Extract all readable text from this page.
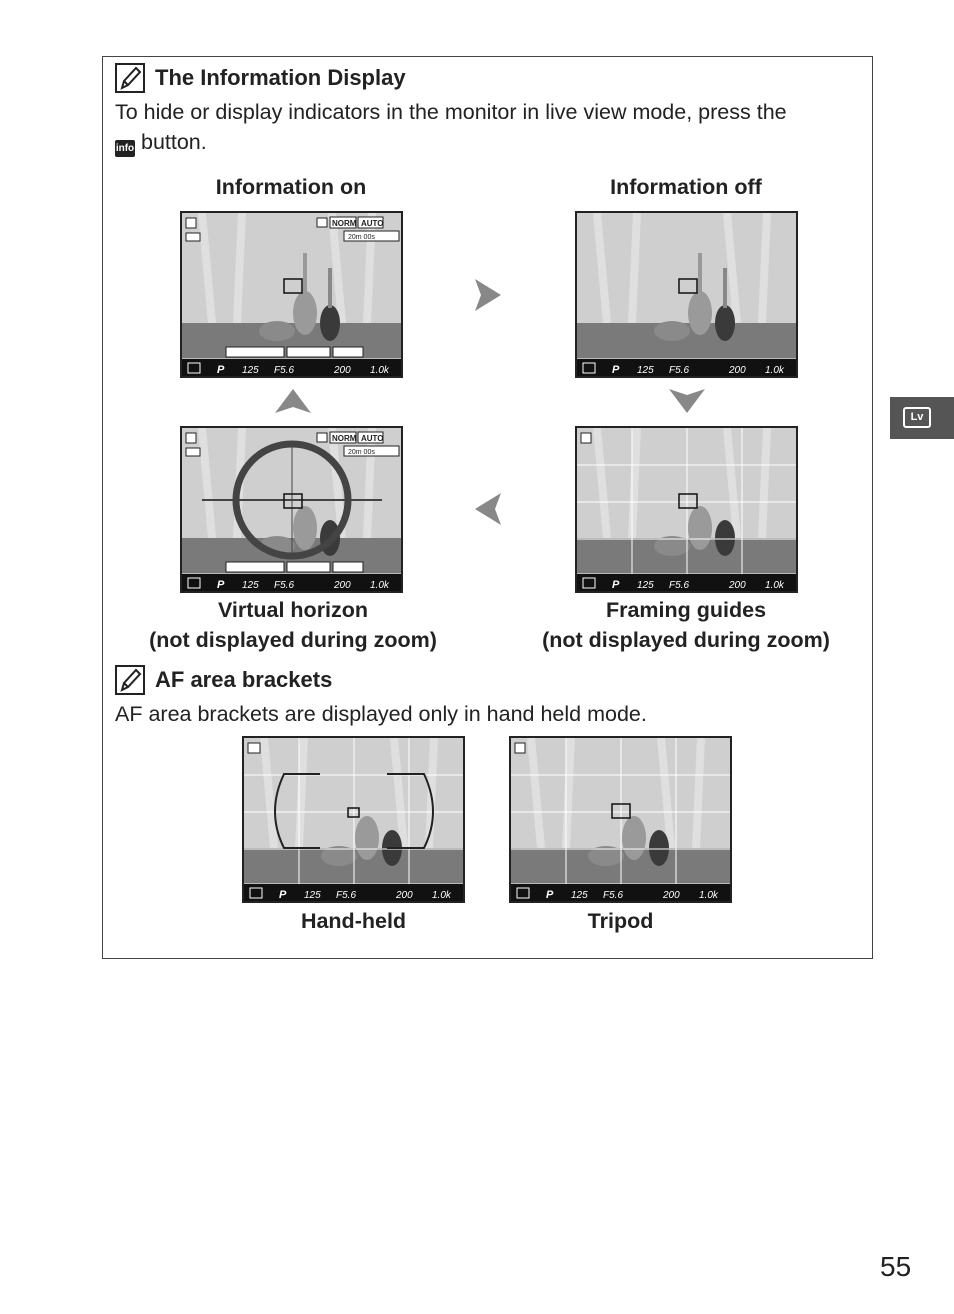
The Information Display
To hide or display indicators in the monitor in live view mode, press the
info button.
Information on	Information off
NORM AUTO
20m 00s
P 125 F5.6	200 1.0k	P 125 F5.6	200 1.0k
NORM AUTO
20m 00s
P 125 F5.6	200 1.0k	P 125 F5.6	200 1.0k
Virtual horizon
(not displayed during zoom)
Framing guides
(not displayed during zoom)
AF area brackets
AF area brackets are displayed only in hand held mode.
P 125 F5.6	200 1.0k	P 125 F5.6	200 1.0k
Hand-held	Tripod
Lv
55
